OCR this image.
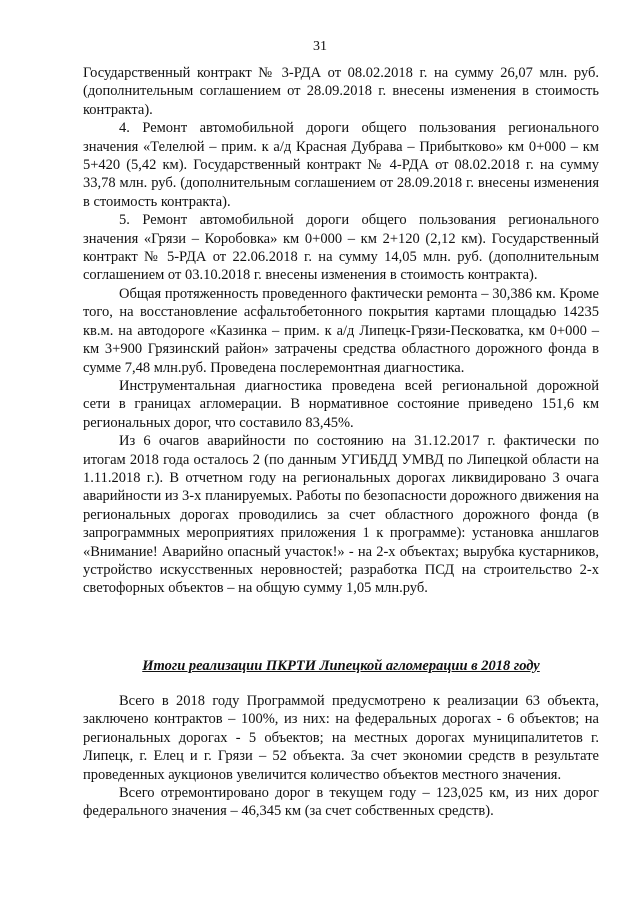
31

Государственный контракт № 3-РДА от 08.02.2018 г. на сумму 26,07 млн. руб. (дополнительным соглашением от 28.09.2018 г. внесены изменения в стоимость контракта).

4. Ремонт автомобильной дороги общего пользования регионального значения «Телелюй – прим. к а/д Красная Дубрава – Прибытково» км 0+000 – км 5+420 (5,42 км). Государственный контракт № 4-РДА от 08.02.2018 г. на сумму 33,78 млн. руб. (дополнительным соглашением от 28.09.2018 г. внесены изменения в стоимость контракта).

5. Ремонт автомобильной дороги общего пользования регионального значения «Грязи – Коробовка» км 0+000 – км 2+120 (2,12 км). Государственный контракт № 5-РДА от 22.06.2018 г. на сумму 14,05 млн. руб. (дополнительным соглашением от 03.10.2018 г. внесены изменения в стоимость контракта).

Общая протяженность проведенного фактически ремонта – 30,386 км. Кроме того, на восстановление асфальтобетонного покрытия картами площадью 14235 кв.м. на автодороге «Казинка – прим. к а/д Липецк-Грязи-Песковатка, км 0+000 – км 3+900 Грязинский район» затрачены средства областного дорожного фонда в сумме 7,48 млн.руб. Проведена послеремонтная диагностика.

Инструментальная диагностика проведена всей региональной дорожной сети в границах агломерации. В нормативное состояние приведено 151,6 км региональных дорог, что составило 83,45%.

Из 6 очагов аварийности по состоянию на 31.12.2017 г. фактически по итогам 2018 года осталось 2 (по данным УГИБДД УМВД по Липецкой области на 1.11.2018 г.). В отчетном году на региональных дорогах ликвидировано 3 очага аварийности из 3-х планируемых. Работы по безопасности дорожного движения на региональных дорогах проводились за счет областного дорожного фонда (в запрограммных мероприятиях приложения 1 к программе): установка аншлагов «Внимание! Аварийно опасный участок!» - на 2-х объектах; вырубка кустарников, устройство искусственных неровностей; разработка ПСД на строительство 2-х светофорных объектов – на общую сумму 1,05 млн.руб.

Итоги реализации ПКРТИ Липецкой агломерации в 2018 году

Всего в 2018 году Программой предусмотрено к реализации 63 объекта, заключено контрактов – 100%, из них: на федеральных дорогах - 6 объектов; на региональных дорогах - 5 объектов; на местных дорогах муниципалитетов г. Липецк, г. Елец и г. Грязи – 52 объекта. За счет экономии средств в результате проведенных аукционов увеличится количество объектов местного значения.

Всего отремонтировано дорог в текущем году – 123,025 км, из них дорог федерального значения – 46,345 км (за счет собственных средств).
